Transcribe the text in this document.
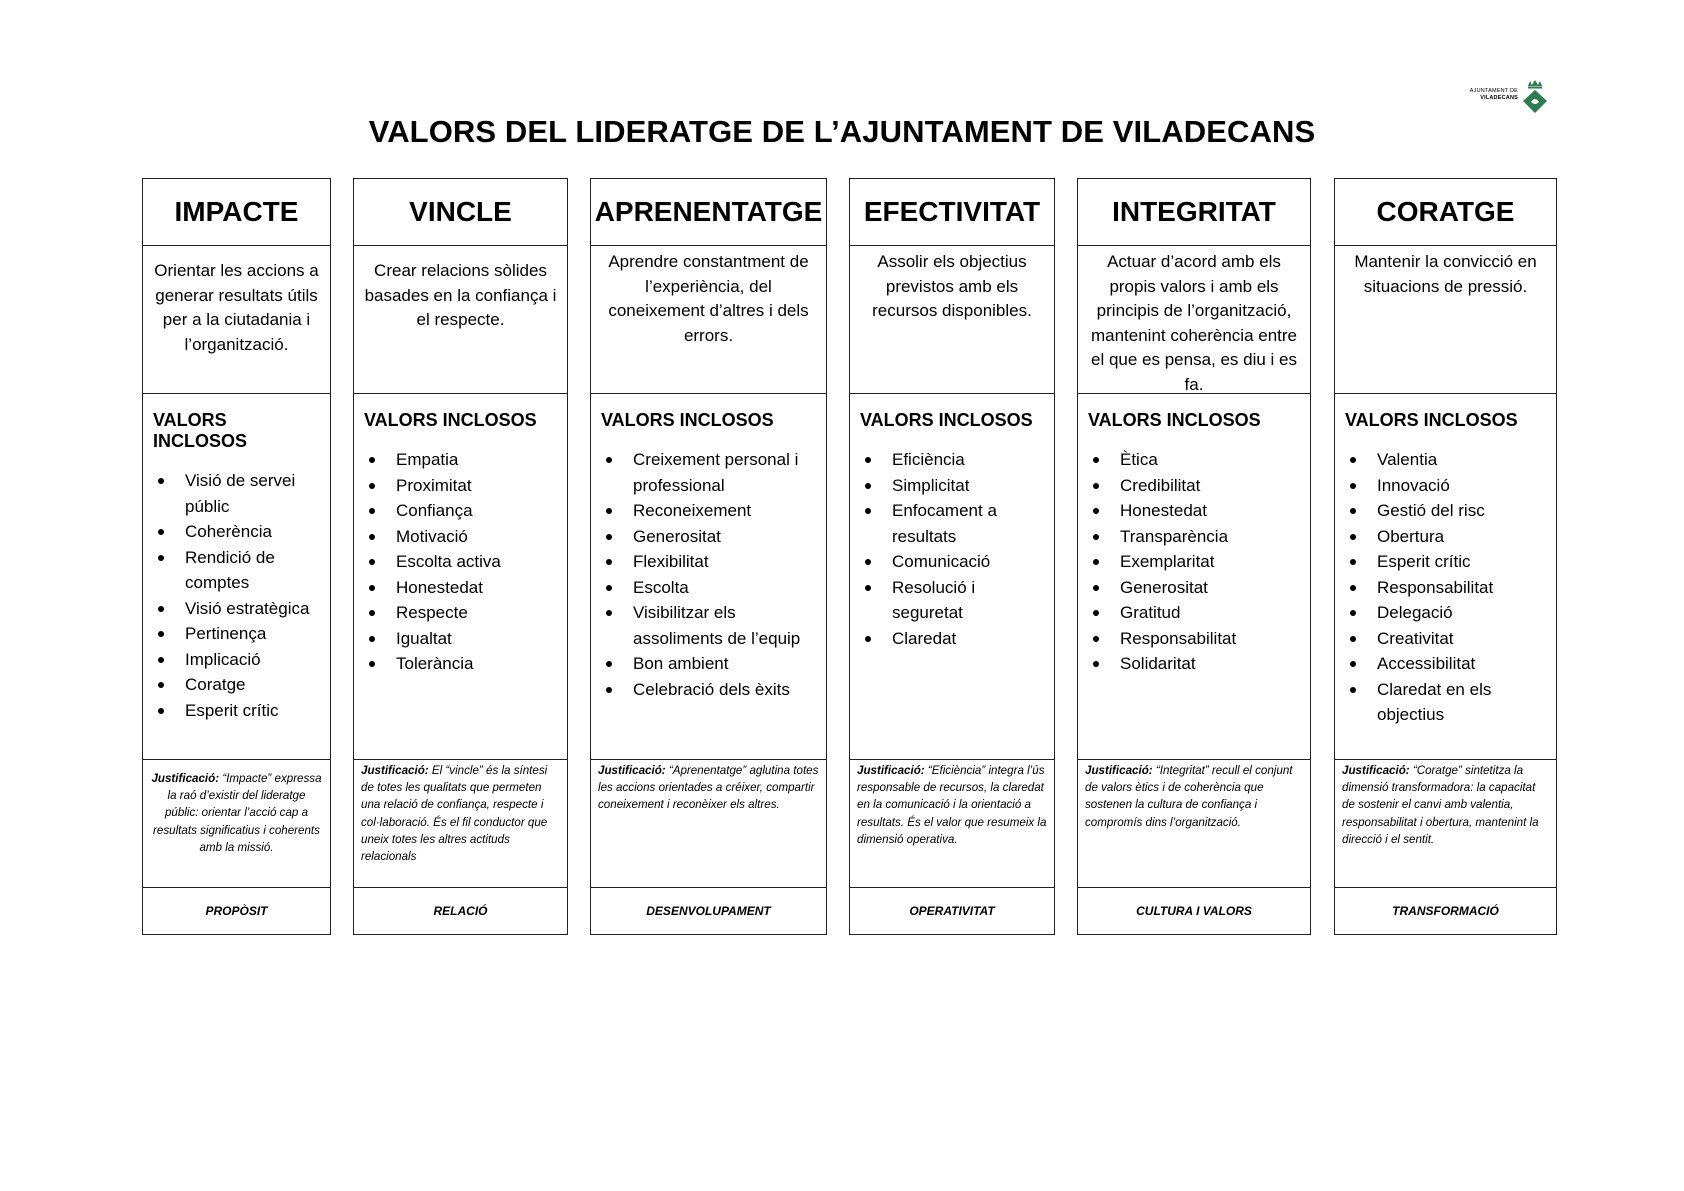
AJUNTAMENT DE
VILADECANS
VALORS DEL LIDERATGE DE L’AJUNTAMENT DE VILADECANS
IMPACTE
Orientar les accions a generar resultats útils per a la ciutadania i l’organització.
VALORS INCLOSOS
Visió de servei públic
Coherència
Rendició de comptes
Visió estratègica
Pertinença
Implicació
Coratge
Esperit crític
Justificació: “Impacte” expressa la raó d’existir del lideratge públic: orientar l’acció cap a resultats significatius i coherents amb la missió.
PROPÒSIT
VINCLE
Crear relacions sòlides basades en la confiança i el respecte.
VALORS INCLOSOS
Empatia
Proximitat
Confiança
Motivació
Escolta activa
Honestedat
Respecte
Igualtat
Tolerància
Justificació: El “vincle” és la síntesi de totes les qualitats que permeten una relació de confiança, respecte i col·laboració. És el fil conductor que uneix totes les altres actituds relacionals
RELACIÓ
APRENENTATGE
Aprendre constantment de l’experiència, del coneixement d’altres i dels errors.
VALORS INCLOSOS
Creixement personal i professional
Reconeixement
Generositat
Flexibilitat
Escolta
Visibilitzar els assoliments de l’equip
Bon ambient
Celebració dels èxits
Justificació: “Aprenentatge” aglutina totes les accions orientades a créixer, compartir coneixement i reconèixer els altres.
DESENVOLUPAMENT
EFECTIVITAT
Assolir els objectius previstos amb els recursos disponibles.
VALORS INCLOSOS
Eficiència
Simplicitat
Enfocament a resultats
Comunicació
Resolució i seguretat
Claredat
Justificació: “Eficiència” integra l’ús responsable de recursos, la claredat en la comunicació i la orientació a resultats. És el valor que resumeix la dimensió operativa.
OPERATIVITAT
INTEGRITAT
Actuar d’acord amb els propis valors i amb els principis de l’organització, mantenint coherència entre el que es pensa, es diu i es fa.
VALORS INCLOSOS
Ètica
Credibilitat
Honestedat
Transparència
Exemplaritat
Generositat
Gratitud
Responsabilitat
Solidaritat
Justificació: “Integritat” recull el conjunt de valors ètics i de coherència que sostenen la cultura de confiança i compromís dins l’organització.
CULTURA I VALORS
CORATGE
Mantenir la convicció en situacions de pressió.
VALORS INCLOSOS
Valentia
Innovació
Gestió del risc
Obertura
Esperit crític
Responsabilitat
Delegació
Creativitat
Accessibilitat
Claredat en els objectius
Justificació: “Coratge” sintetitza la dimensió transformadora: la capacitat de sostenir el canvi amb valentia, responsabilitat i obertura, mantenint la direcció i el sentit.
TRANSFORMACIÓ
